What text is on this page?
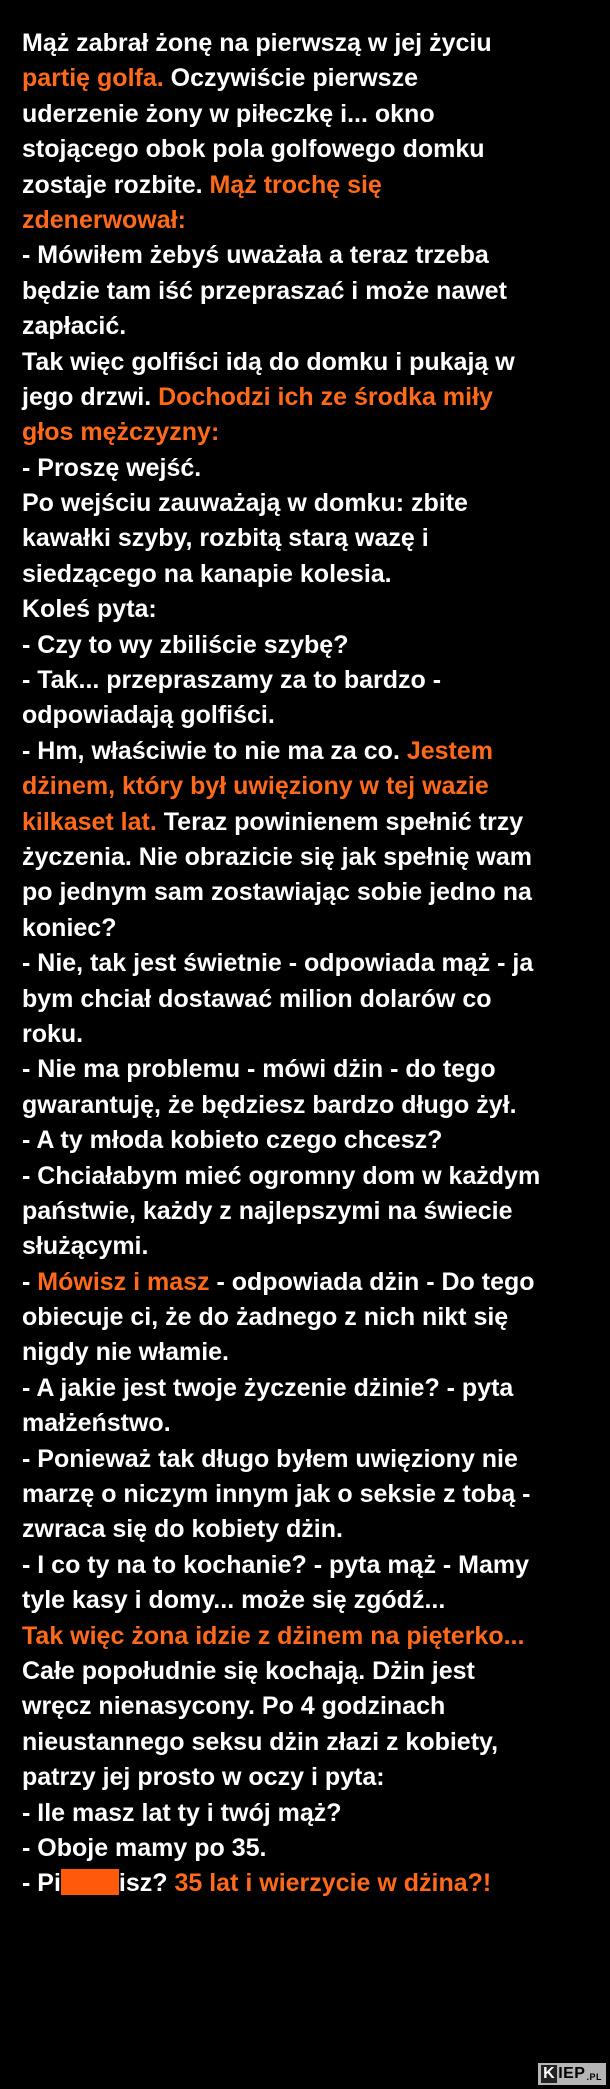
Mąż zabrał żonę na pierwszą w jej życiu
partię golfa. Oczywiście pierwsze
uderzenie żony w piłeczkę i... okno
stojącego obok pola golfowego domku
zostaje rozbite. Mąż trochę się
zdenerwował:
- Mówiłem żebyś uważała a teraz trzeba
będzie tam iść przepraszać i może nawet
zapłacić.
Tak więc golfiści idą do domku i pukają w
jego drzwi. Dochodzi ich ze środka miły
głos mężczyzny:
- Proszę wejść.
Po wejściu zauważają w domku: zbite
kawałki szyby, rozbitą starą wazę i
siedzącego na kanapie kolesia.
Koleś pyta:
- Czy to wy zbiliście szybę?
- Tak... przepraszamy za to bardzo -
odpowiadają golfiści.
- Hm, właściwie to nie ma za co. Jestem
dżinem, który był uwięziony w tej wazie
kilkaset lat. Teraz powinienem spełnić trzy
życzenia. Nie obrazicie się jak spełnię wam
po jednym sam zostawiając sobie jedno na
koniec?
- Nie, tak jest świetnie - odpowiada mąż - ja
bym chciał dostawać milion dolarów co
roku.
- Nie ma problemu - mówi dżin - do tego
gwarantuję, że będziesz bardzo długo żył.
- A ty młoda kobieto czego chcesz?
- Chciałabym mieć ogromny dom w każdym
państwie, każdy z najlepszymi na świecie
służącymi.
- Mówisz i masz - odpowiada dżin - Do tego
obiecuje ci, że do żadnego z nich nikt się
nigdy nie włamie.
- A jakie jest twoje życzenie dżinie? - pyta
małżeństwo.
- Ponieważ tak długo byłem uwięziony nie
marzę o niczym innym jak o seksie z tobą -
zwraca się do kobiety dżin.
- I co ty na to kochanie? - pyta mąż - Mamy
tyle kasy i domy... może się zgódź...
Tak więc żona idzie z dżinem na pięterko...
Całe popołudnie się kochają. Dżin jest
wręcz nienasycony. Po 4 godzinach
nieustannego seksu dżin złazi z kobiety,
patrzy jej prosto w oczy i pyta:
- Ile masz lat ty i twój mąż?
- Oboje mamy po 35.
- Pi isz? 35 lat i wierzycie w dżina?!
K IEP .PL
